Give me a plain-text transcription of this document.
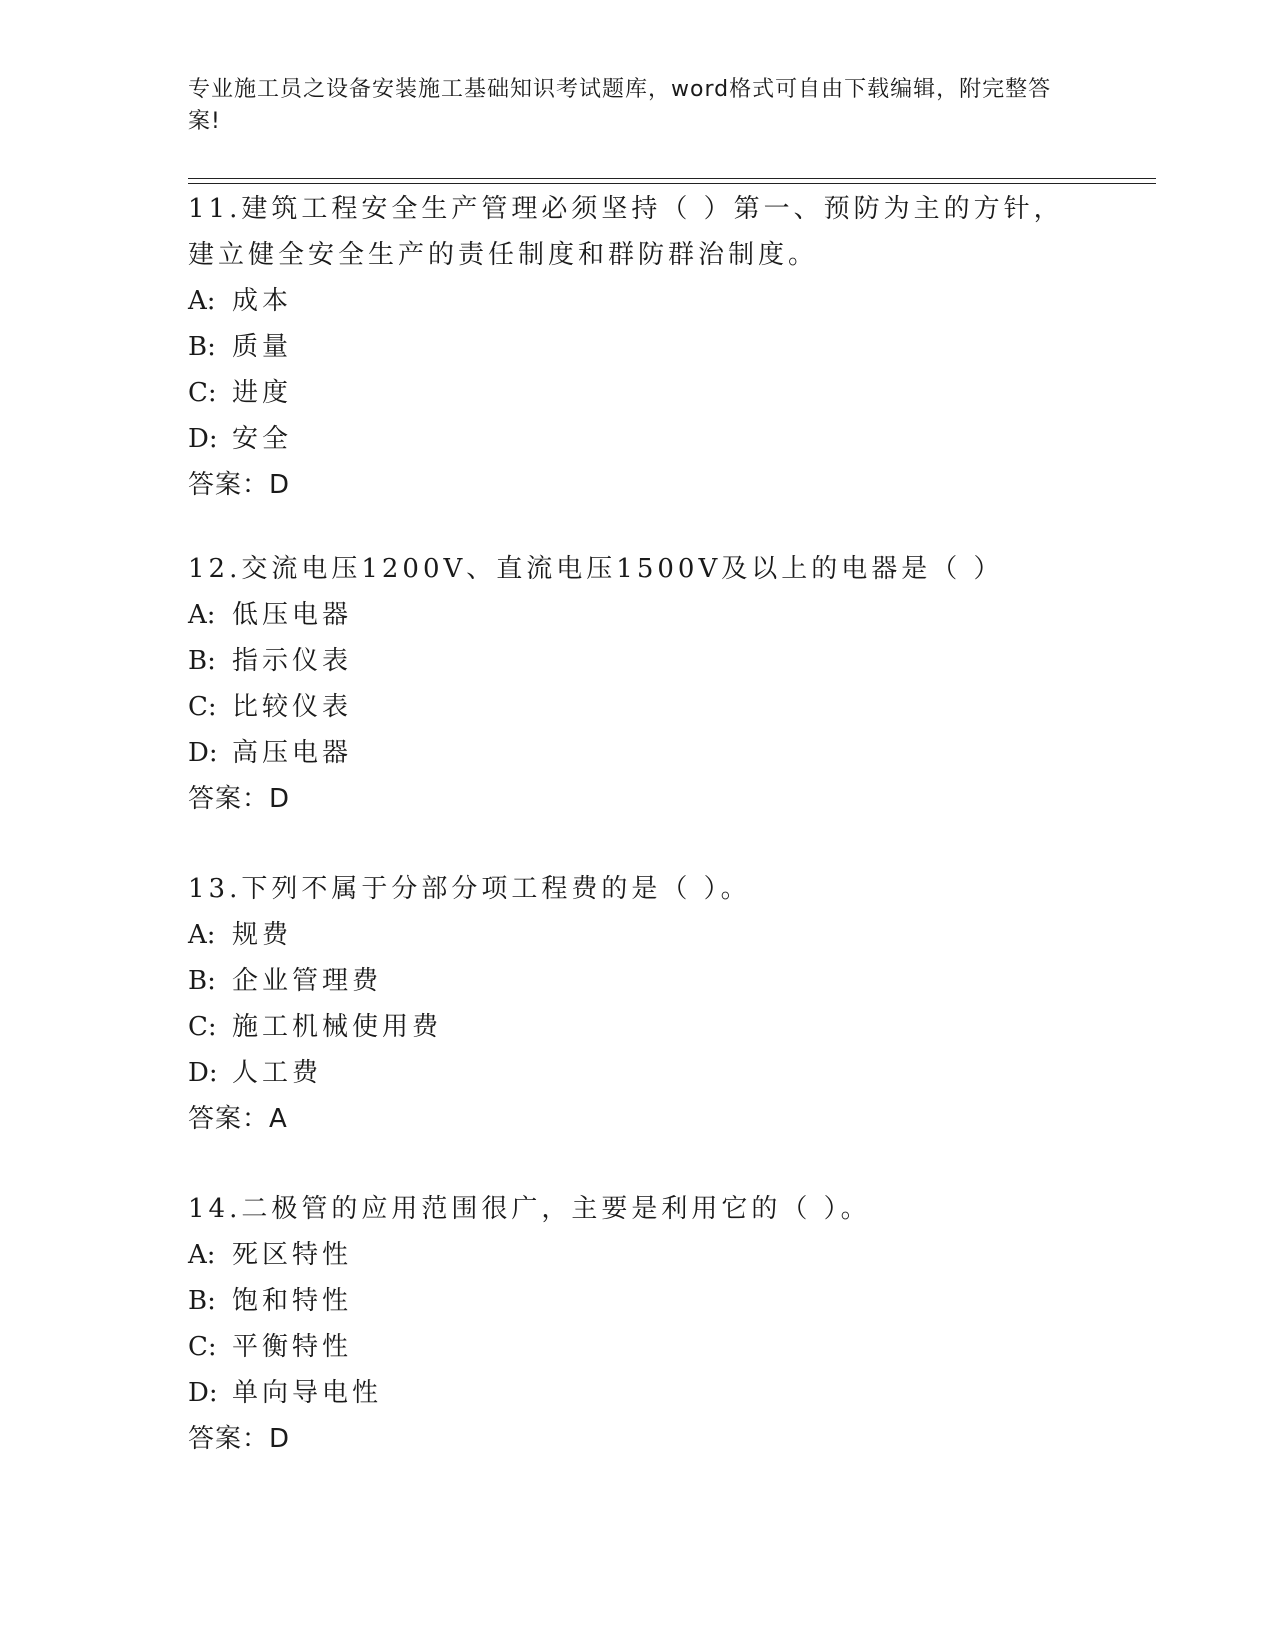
专业施工员之设备安装施工基础知识考试题库，word格式可自由下载编辑，附完整答案!

11.建筑工程安全生产管理必须坚持（ ）第一、预防为主的方针，建立健全安全生产的责任制度和群防群治制度。

A: 成本
B: 质量
C: 进度
D: 安全
答案：D

12.交流电压1200V、直流电压1500V及以上的电器是（ ）

A: 低压电器
B: 指示仪表
C: 比较仪表
D: 高压电器
答案：D

13.下列不属于分部分项工程费的是（ ）。

A: 规费
B: 企业管理费
C: 施工机械使用费
D: 人工费
答案：A

14.二极管的应用范围很广，主要是利用它的（ ）。

A: 死区特性
B: 饱和特性
C: 平衡特性
D: 单向导电性
答案：D
